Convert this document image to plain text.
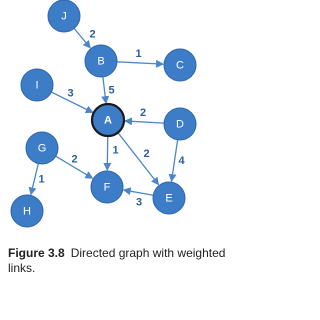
2
1
5
3
2
1 2
4
2
1
3
J
B	C
I
A	D
G
F
E
H
Figure 3.8 Directed graph with weighted links.
